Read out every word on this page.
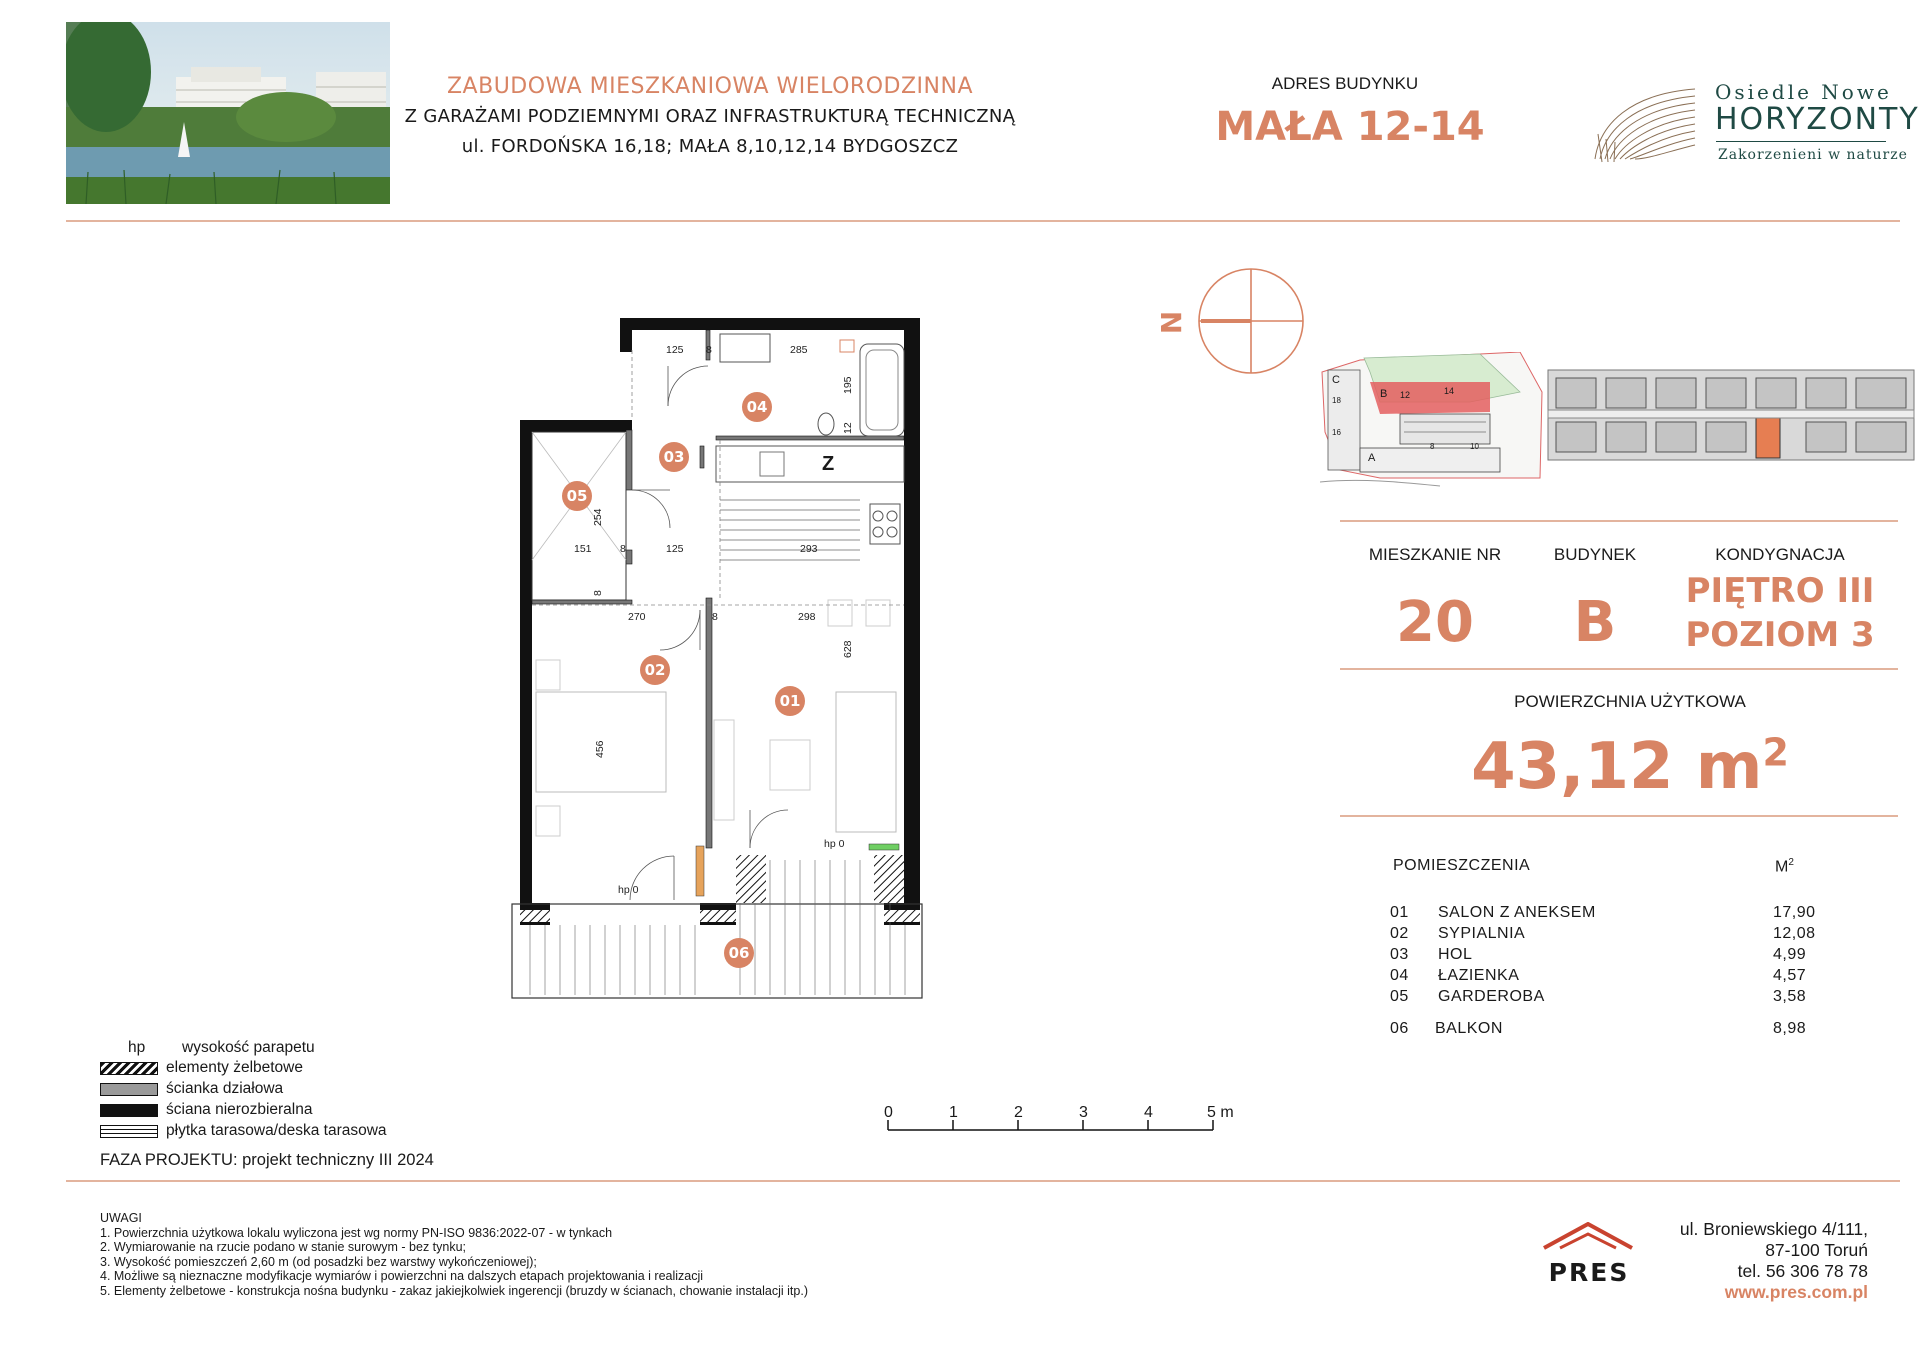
ZABUDOWA MIESZKANIOWA WIELORODZINNA
Z GARAŻAMI PODZIEMNYMI ORAZ INFRASTRUKTURĄ TECHNICZNĄ
ul. FORDOŃSKA 16,18; MAŁA 8,10,12,14 BYDGOSZCZ
ADRES BUDYNKU
MAŁA 12-14
Osiedle Nowe
HORYZONTY
Zakorzenieni w naturze
Z
125 8	285
195
12
254
151	8	125	293
8
270	8	298
628
456
hp 0
hp 0
01
02
03
04
05
06
N
C
B
A
12	14
18
16
8	10
MIESZKANIE NR
20
BUDYNEK
B
KONDYGNACJA
PIĘTRO III
POZIOM 3
POWIERZCHNIA UŻYTKOWA
43,12 $m^2$
POMIESZCZENIA	$M^2$
01 SALON Z ANEKSEM	17,90
02 SYPIALNIA	12,08
03 HOL	4,99
04 ŁAZIENKA	4,57
05 GARDEROBA	3,58
06 BALKON	8,98
hp wysokość parapetu
elementy żelbetowe
ścianka działowa
ściana nierozbieralna
płytka tarasowa/deska tarasowa
FAZA PROJEKTU: projekt techniczny III 2024
0	1	2	3	4	5 m
UWAGI
1. Powierzchnia użytkowa lokalu wyliczona jest wg normy PN-ISO 9836:2022-07 - w tynkach
2. Wymiarowanie na rzucie podano w stanie surowym - bez tynku;
3. Wysokość pomieszczeń 2,60 m (od posadzki bez warstwy wykończeniowej);
4. Możliwe są nieznaczne modyfikacje wymiarów i powierzchni na dalszych etapach projektowania i realizacji
5. Elementy żelbetowe - konstrukcja nośna budynku - zakaz jakiejkolwiek ingerencji (bruzdy w ścianach, chowanie instalacji itp.)
PRES
ul. Broniewskiego 4/111,
87-100 Toruń
tel. 56 306 78 78
www.pres.com.pl
